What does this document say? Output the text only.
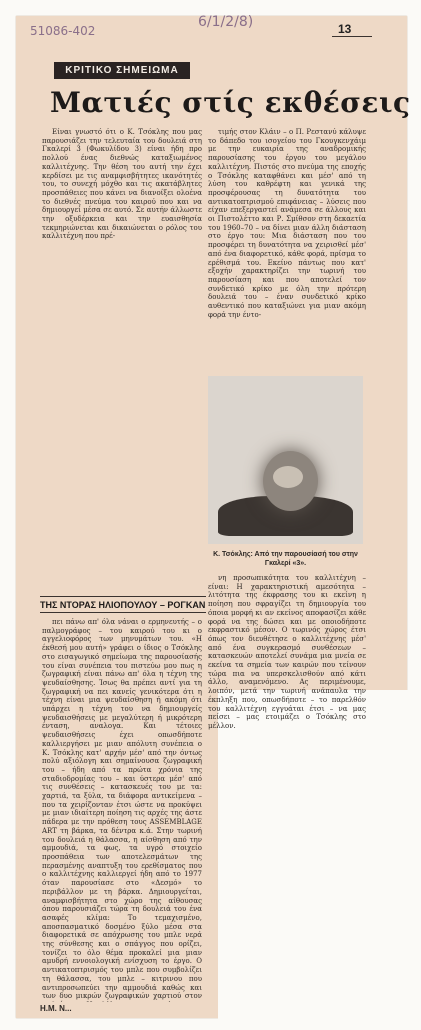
51086-402
6/1/2/8)	13
ΚΡΙΤΙΚΟ ΣΗΜΕΙΩΜΑ
Ματιές στίς εκθέσεις

Είναι γνωστό ότι ο Κ. Τσόκλης που μας παρουσιάζει την τελευταία του δουλειά στη Γκαλερί 3 (Φωκυλίδου 3) είναι ήδη προ πολλού ένας διεθνώς καταξιωμένος καλλιτέχνης. Την θέση του αυτή την έχει κερδίσει με τις αναμφισβήτητες ικανότητές του, το συνεχή μόχθο και τις ακατάβλητες προσπάθειες που κάνει να διανοίξει ολοένα το διεθνές πνεύμα του καιρού που και να δημιουργεί μέσα σε αυτό. Σε αυτήν άλλωστε την οξυδέρκεια και την ευαισθησία τεκμηριώνεται και δικαιώνεται ο ρόλος του καλλιτέχνη που πρέ-

ΤΗΣ ΝΤΟΡΑΣ ΗΛΙΟΠΟΥΛΟΥ – ΡΟΓΚΑΝ

πει πάνω απ' όλα νάναι ο ερμηνευτής – ο παλμογράφος – του καιρού του κι ο αγγελιοφόρος των μηνυμάτων του. «Η έκθεσή μου αυτή» γράφει ο ίδιος ο Τσόκλης στο εισαγωγικό σημείωμα της παρουσίασής του είναι συνέπεια του πιστεύω μου πως η ζωγραφική είναι πάνω απ' όλα η τέχνη της ψευδαίσθησης. Ίσως θα πρέπει αντί για τη ζωγραφική να πει κανείς γενικότερα ότι η τέχνη είναι μια ψευδαίσθηση ή ακόμη ότι υπάρχει η τέχνη του να δημιουργείς ψευδαισθήσεις με μεγαλύτερη ή μικρότερη ένταση, αναλογα. Και τέτοιες ψευδαισθήσεις έχει οπωσδήποτε καλλιεργήσει με μιαν απόλυτη συνέπεια ο Κ. Τσόκλης κατ' αρχήν μέσ' από την όντως πολύ αξιόλογη και σημαίνουσα ζωγραφική του – ήδη από τα πρώτα χρόνια της σταδιοδρομίας του – και ύστερα μέσ' από τις συνθέσεις – κατασκευές του με τα: χαρτιά, τα ξύλα, τα διάφορα αντικείμενα – που τα χειρίζονταν έτσι ώστε να προκύψει με μιαν ιδιαίτερη ποίηση τις αρχές της άστε πάδερα με την πρόθεση τους ASSEMBLAGE ART τη βάρκα, τα δέντρα κ.ά. Στην τωρινή του δουλειά η θάλασσα, η αίσθηση από την αμμουδιά, τα φως, τα υγρό στοιχείο προσπάθεια των αποτελεσμάτων της περασμένης αναπτυξη του ερεθίσματος που ο καλλιτέχνης καλλιεργεί ήδη από το 1977 όταν παρουσίασε στο «Δεσμό» το περιβάλλον με τη βάρκα. Δημιουργείται, αναμφισβήτητα στο χώρο της αίθουσας όπου παρουσιάζει τώρα τη δουλειά του ένα ασαφές κλίμα: Το τεμαχισμένο, αποσπασματικό δοσμένο ξύλο μέσα στα διαφορετικά σε απόχρωσης του μπλε νερά της σύνθεσης και ο σπάγγος που ορίζει, τονίζει το όλο θέμα προκαλεί μια μιαν αμυδρή εννοιολογική ενίσχυση το έργο. Ο αντικατοπτρισμός του μπλε που συμβολίζει τη θάλασσα, του μπλε – κιτρινου που αντιπροσωπεύει την αμμουδιά καθώς και των δυο μικρών ζωγραφικών χαρτιού στον

τιμής στον Κλάιν – ο Π. Ρεστανύ κάλυψε το δάπεδο του ισογείου του Γκουγκενχάιμ με την ευκαιρία της αναδρομικής παρουσίασης του έργου του μεγάλου καλλιτέχνη. Πιστός στο πνεύμα της εποχής ο Τσόκλης καταφθάνει και μέσ' από τη λύση του καθρέφτη και γενικά της προσφέρουσας τη δυνατότητα του αντικατοπτρισμού επιφάνειας – λύσεις που είχαν επεξεργαστεί ανάμεσα σε άλλους και οι Πιστολέττο και Ρ. Σμίθσον στη δεκαετία του 1960–70 – να δίνει μιαν άλλη διάσταση στο έργο του: Μια διάσταση που του προσφέρει τη δυνατότητα να χειρισθεί μέσ' από ένα διαφορετικό, κάθε φορά, πρίσμα το ερέθισμά του. Εκείνο πάντως που κατ' εξοχήν χαρακτηρίζει την τωρινή του παρουσίαση και που αποτελεί τον συνδετικό κρίκο με όλη την πρότερη δουλειά του – έναν συνδετικό κρίκο αυθεντικό που καταξιώνει για μιαν ακόμη φορά την έντο-

Κ. Τσόκλης: Από την παρουσίασή του στην Γκαλερί «3».

νη προσωπικότητα του καλλιτέχνη – είναι: Η χαρακτηριστική αμεσότητα – λιτότητα της έκφρασης του κι εκείνη η ποίηση που σφραγίζει τη δημιουργία του όποια μορφή κι αν εκείνος αποφασίζει κάθε φορά να της δώσει και με οποιοδήποτε εκφραστικό μέσον. Ο τωρινός χώρος έτσι όπως τον διευθέτησε ο καλλιτέχνης μέσ' από ένα συγκερασμό συνθέσεων – κατασκευών αποτελεί συνάμα μια μνεία σε εκείνα τα σημεία των καιρών που τείνουν τώρα πια να υπερσκελισθούν από κάτι άλλο, αναμενόμενο. Ας περιμένουμε, λοιπόν, μετά την τωρινή ανάπαυλα την έκπληξη που, οπωσδήποτε – το παρελθόν του καλλιτέχνη εγγυάται έτσι – να μας πείσει – μας ετοιμάζει ο Τσόκλης στο μέλλον.

Η.Μ. Ν...
